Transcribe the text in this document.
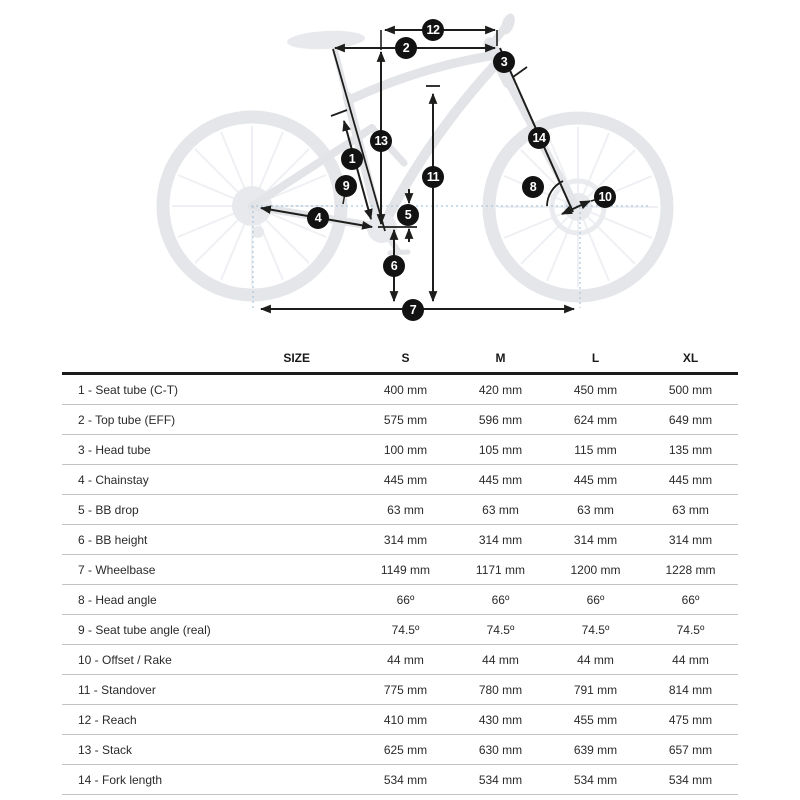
1
2
3
4	5
6
7
8
9
10
11
12
13	14
SIZE	S	M	L	XL
1 - Seat tube (C-T)	400 mm	420 mm	450 mm	500 mm
2 - Top tube (EFF)	575 mm	596 mm	624 mm	649 mm
3 - Head tube	100 mm	105 mm	115 mm	135 mm
4 - Chainstay	445 mm	445 mm	445 mm	445 mm
5 - BB drop	63 mm	63 mm	63 mm	63 mm
6 - BB height	314 mm	314 mm	314 mm	314 mm
7 - Wheelbase	1149 mm	1171 mm	1200 mm	1228 mm
8 - Head angle	66º	66º	66º	66º
9 - Seat tube angle (real)	74.5º	74.5º	74.5º	74.5º
10 - Offset / Rake	44 mm	44 mm	44 mm	44 mm
11 - Standover	775 mm	780 mm	791 mm	814 mm
12 - Reach	410 mm	430 mm	455 mm	475 mm
13 - Stack	625 mm	630 mm	639 mm	657 mm
14 - Fork length	534 mm	534 mm	534 mm	534 mm
